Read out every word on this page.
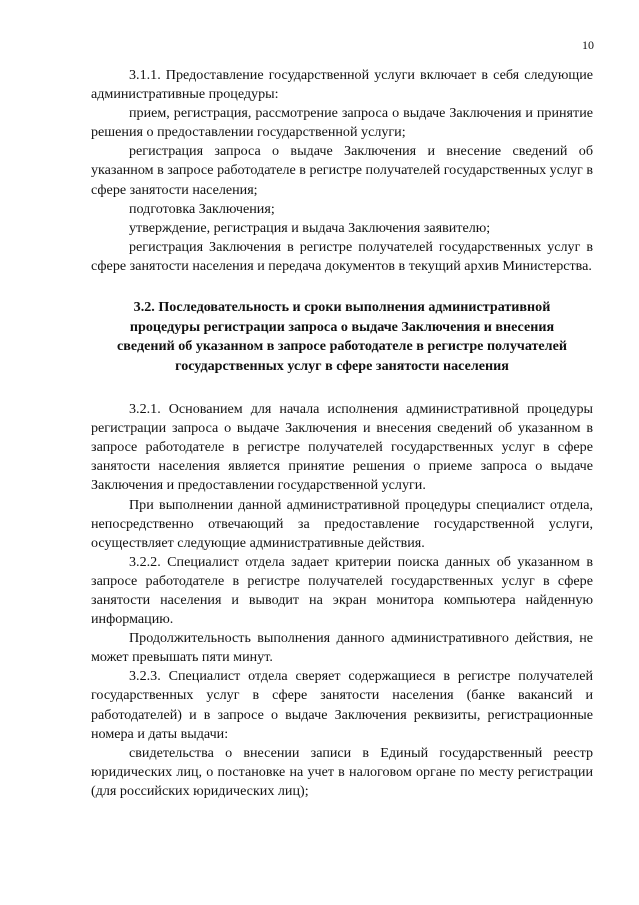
10

3.1.1. Предоставление государственной услуги включает в себя следующие административные процедуры:

прием, регистрация, рассмотрение запроса о выдаче Заключения и принятие решения о предоставлении государственной услуги;

регистрация запроса о выдаче Заключения и внесение сведений об указанном в запросе работодателе в регистре получателей государственных услуг в сфере занятости населения;

подготовка Заключения;

утверждение, регистрация и выдача Заключения заявителю;

регистрация Заключения в регистре получателей государственных услуг в сфере занятости населения и передача документов в текущий архив Министерства.

3.2. Последовательность и сроки выполнения административной
процедуры регистрации запроса о выдаче Заключения и внесения
сведений об указанном в запросе работодателе в регистре получателей
государственных услуг в сфере занятости населения

3.2.1. Основанием для начала исполнения административной процедуры регистрации запроса о выдаче Заключения и внесения сведений об указанном в запросе работодателе в регистре получателей государственных услуг в сфере занятости населения является принятие решения о приеме запроса о выдаче Заключения и предоставлении государственной услуги.

При выполнении данной административной процедуры специалист отдела, непосредственно отвечающий за предоставление государственной услуги, осуществляет следующие административные действия.

3.2.2. Специалист отдела задает критерии поиска данных об указанном в запросе работодателе в регистре получателей государственных услуг в сфере занятости населения и выводит на экран монитора компьютера найденную информацию.

Продолжительность выполнения данного административного действия, не может превышать пяти минут.

3.2.3. Специалист отдела сверяет содержащиеся в регистре получателей государственных услуг в сфере занятости населения (банке вакансий и работодателей) и в запросе о выдаче Заключения реквизиты, регистрационные номера и даты выдачи:

свидетельства о внесении записи в Единый государственный реестр юридических лиц, о постановке на учет в налоговом органе по месту регистрации (для российских юридических лиц);
